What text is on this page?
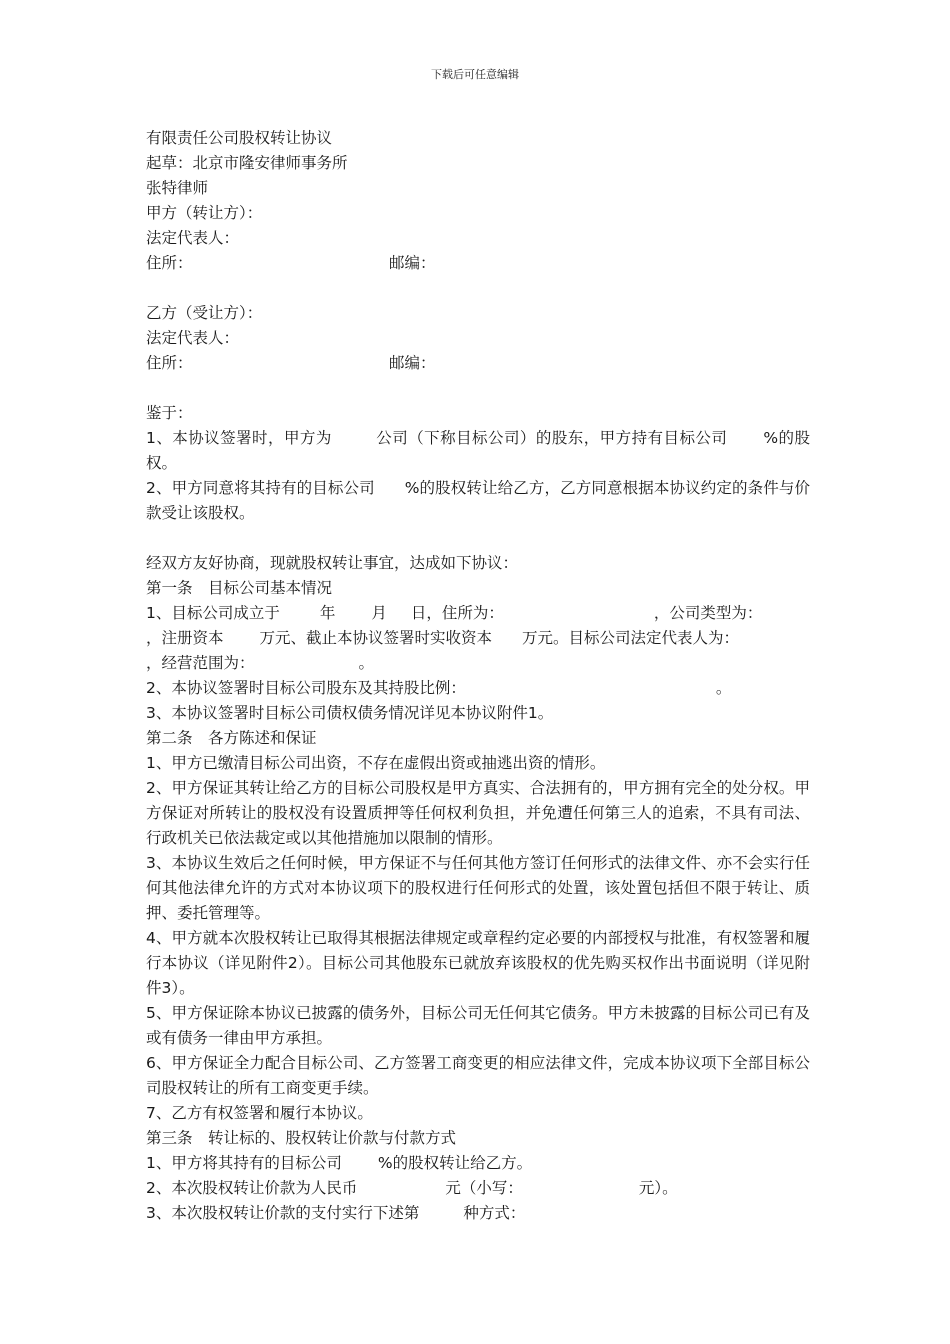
下载后可任意编辑
有限责任公司股权转让协议
起草：北京市隆安律师事务所
张特律师
甲方（转让方）：
法定代表人：
住所：	邮编：
乙方（受让方）：
法定代表人：
住所：	邮编：
鉴于：
1、本协议签署时，甲方为	公司（下称目标公司）的股东，甲方持有目标公司 %的股权。
2、甲方同意将其持有的目标公司 %的股权转让给乙方，乙方同意根据本协议约定的条件与价款受让该股权。
经双方友好协商，现就股权转让事宜，达成如下协议：
第一条　目标公司基本情况
1、目标公司成立于	年 月 日，住所为：	，公司类型为：
，注册资本 万元、截止本协议签署时实收资本 万元。目标公司法定代表人为：
，经营范围为：	。
2、本协议签署时目标公司股东及其持股比例：	。
3、本协议签署时目标公司债权债务情况详见本协议附件1。
第二条　各方陈述和保证
1、甲方已缴清目标公司出资，不存在虚假出资或抽逃出资的情形。
2、甲方保证其转让给乙方的目标公司股权是甲方真实、合法拥有的，甲方拥有完全的处分权。甲方保证对所转让的股权没有设置质押等任何权利负担，并免遭任何第三人的追索，不具有司法、行政机关已依法裁定或以其他措施加以限制的情形。
3、本协议生效后之任何时候，甲方保证不与任何其他方签订任何形式的法律文件、亦不会实行任何其他法律允许的方式对本协议项下的股权进行任何形式的处置，该处置包括但不限于转让、质押、委托管理等。
4、甲方就本次股权转让已取得其根据法律规定或章程约定必要的内部授权与批准，有权签署和履行本协议（详见附件2）。目标公司其他股东已就放弃该股权的优先购买权作出书面说明（详见附件3）。
5、甲方保证除本协议已披露的债务外，目标公司无任何其它债务。甲方未披露的目标公司已有及或有债务一律由甲方承担。
6、甲方保证全力配合目标公司、乙方签署工商变更的相应法律文件，完成本协议项下全部目标公司股权转让的所有工商变更手续。
7、乙方有权签署和履行本协议。
第三条　转让标的、股权转让价款与付款方式
1、甲方将其持有的目标公司 %的股权转让给乙方。
2、本次股权转让价款为人民币	元（小写：	元）。
3、本次股权转让价款的支付实行下述第	种方式：
